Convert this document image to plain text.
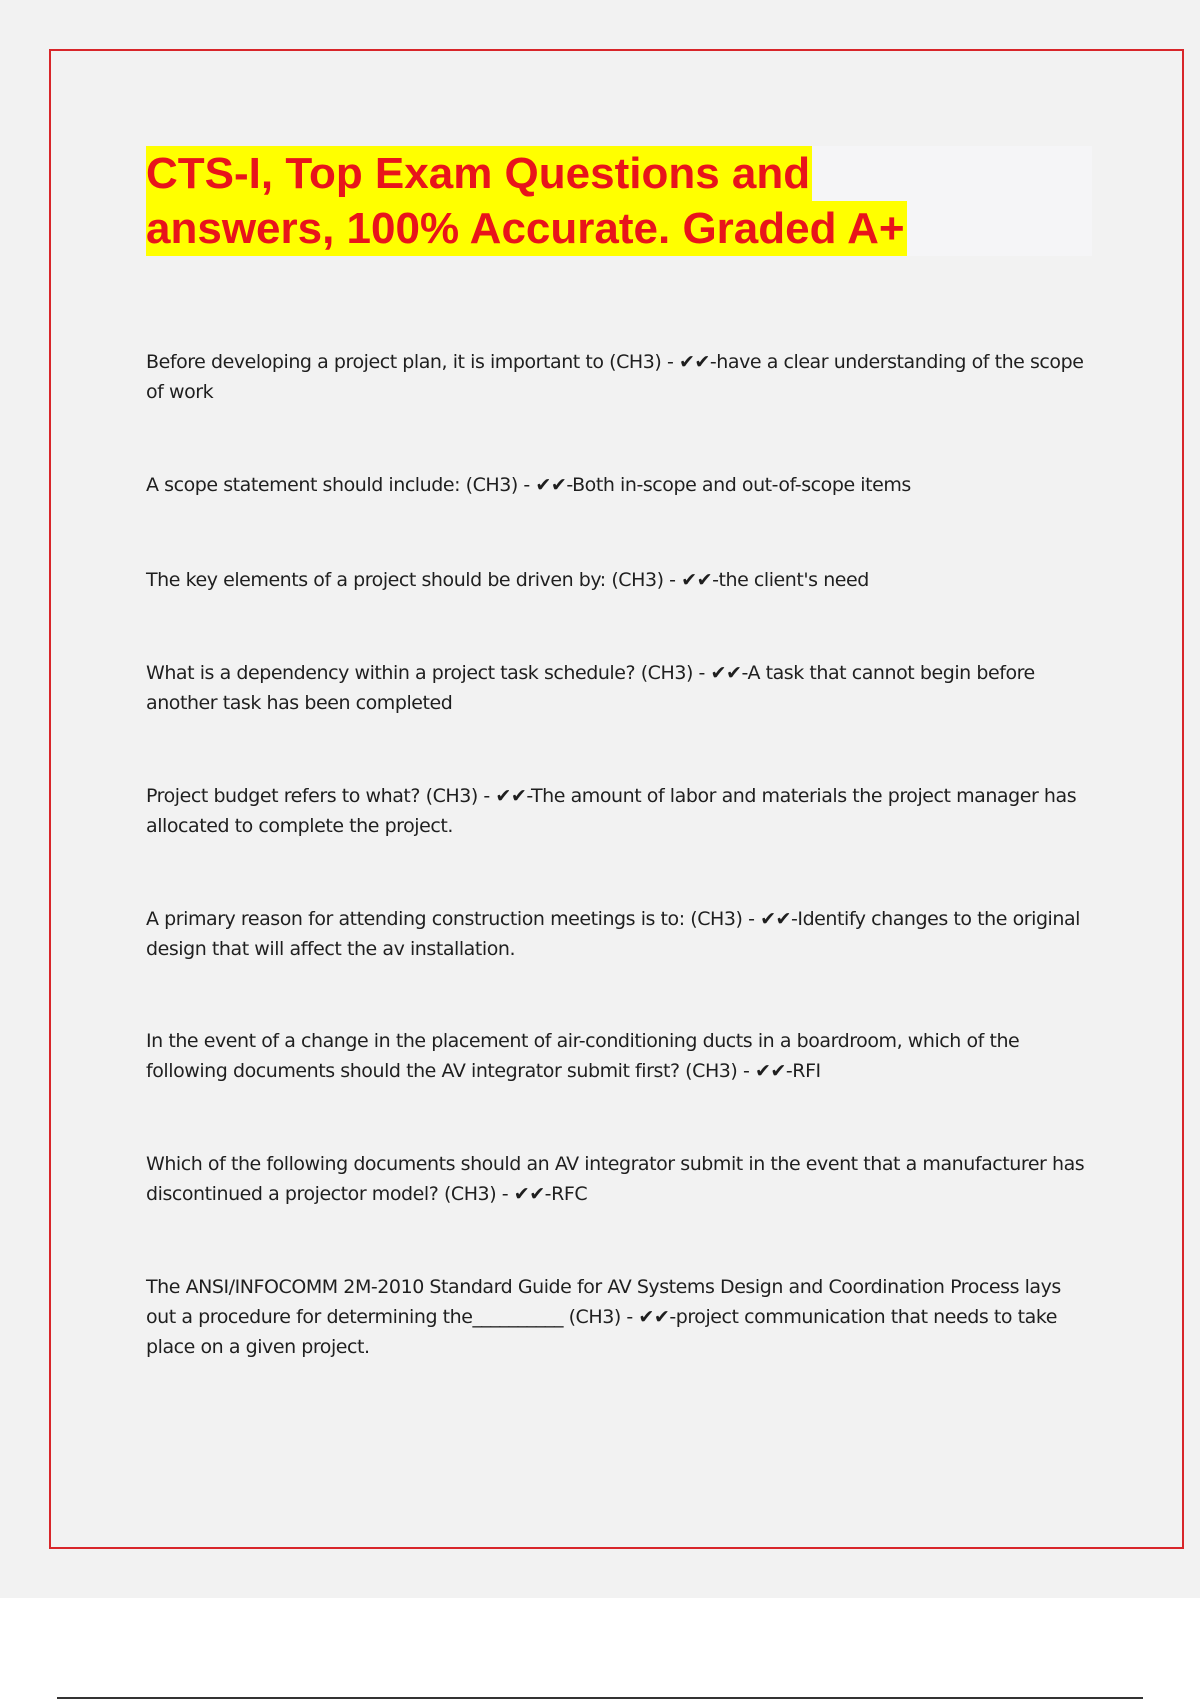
CTS-I, Top Exam Questions and
answers, 100% Accurate. Graded A+
Before developing a project plan, it is important to (CH3) - ✔✔-have a clear understanding of the scope of work
A scope statement should include: (CH3) - ✔✔-Both in-scope and out-of-scope items
The key elements of a project should be driven by: (CH3) - ✔✔-the client's need
What is a dependency within a project task schedule? (CH3) - ✔✔-A task that cannot begin before another task has been completed
Project budget refers to what? (CH3) - ✔✔-The amount of labor and materials the project manager has allocated to complete the project.
A primary reason for attending construction meetings is to: (CH3) - ✔✔-Identify changes to the original design that will affect the av installation.
In the event of a change in the placement of air-conditioning ducts in a boardroom, which of the following documents should the AV integrator submit first? (CH3) - ✔✔-RFI
Which of the following documents should an AV integrator submit in the event that a manufacturer has discontinued a projector model? (CH3) - ✔✔-RFC
The ANSI/INFOCOMM 2M-2010 Standard Guide for AV Systems Design and Coordination Process lays out a procedure for determining the__________ (CH3) - ✔✔-project communication that needs to take place on a given project.
